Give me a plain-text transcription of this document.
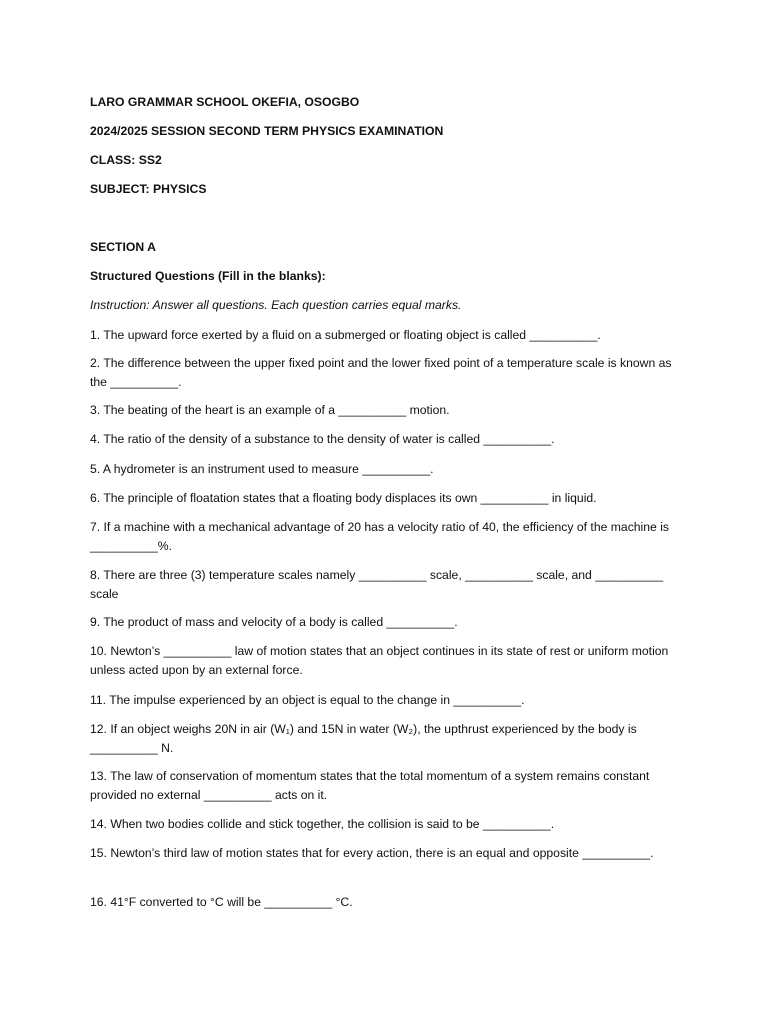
LARO GRAMMAR SCHOOL OKEFIA, OSOGBO

2024/2025 SESSION SECOND TERM PHYSICS EXAMINATION

CLASS: SS2

SUBJECT: PHYSICS

SECTION A

Structured Questions (Fill in the blanks):

Instruction: Answer all questions. Each question carries equal marks.

1. The upward force exerted by a fluid on a submerged or floating object is called __________.

2. The difference between the upper fixed point and the lower fixed point of a temperature scale is known as the __________.

3. The beating of the heart is an example of a __________ motion.

4. The ratio of the density of a substance to the density of water is called __________.

5. A hydrometer is an instrument used to measure __________.

6. The principle of floatation states that a floating body displaces its own __________ in liquid.

7. If a machine with a mechanical advantage of 20 has a velocity ratio of 40, the efficiency of the machine is __________%.

8. There are three (3) temperature scales namely __________ scale, __________ scale, and __________ scale

9. The product of mass and velocity of a body is called __________.

10. Newton’s __________ law of motion states that an object continues in its state of rest or uniform motion unless acted upon by an external force.

11. The impulse experienced by an object is equal to the change in __________.

12. If an object weighs 20N in air (W₁) and 15N in water (W₂), the upthrust experienced by the body is __________ N.

13. The law of conservation of momentum states that the total momentum of a system remains constant provided no external __________ acts on it.

14. When two bodies collide and stick together, the collision is said to be __________.

15. Newton’s third law of motion states that for every action, there is an equal and opposite __________.

16. 41°F converted to °C will be __________ °C.
